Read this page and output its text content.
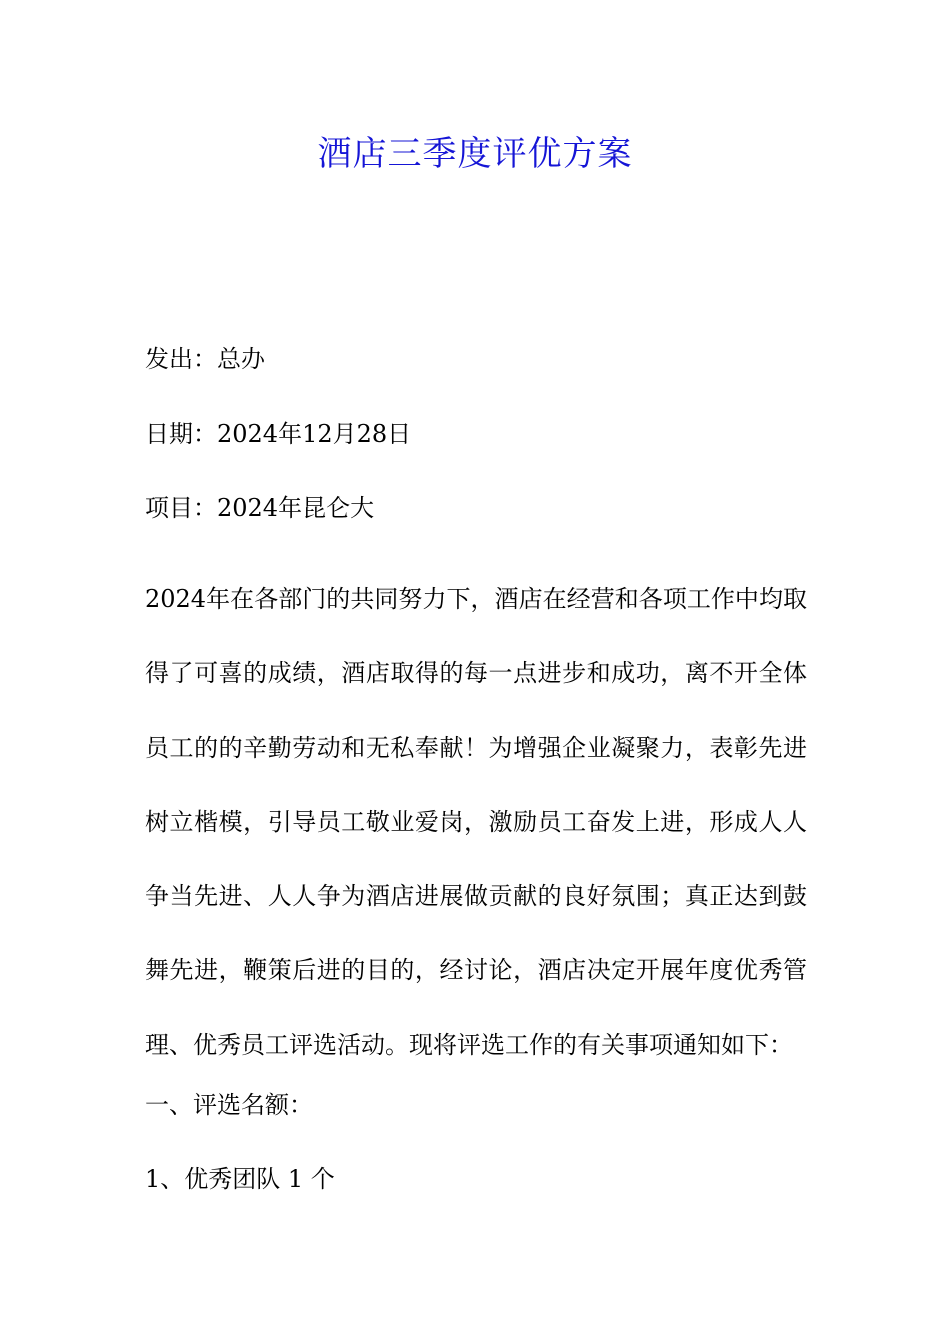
酒店三季度评优方案

发出：总办

日期：2024年12月28日

项目：2024年昆仑大

2024年在各部门的共同努力下，酒店在经营和各项工作中均取得了可喜的成绩，酒店取得的每一点进步和成功，离不开全体员工的的辛勤劳动和无私奉献！为增强企业凝聚力，表彰先进树立楷模，引导员工敬业爱岗，激励员工奋发上进，形成人人争当先进、人人争为酒店进展做贡献的良好氛围；真正达到鼓舞先进，鞭策后进的目的，经讨论，酒店决定开展年度优秀管理、优秀员工评选活动。现将评选工作的有关事项通知如下：

一、评选名额：

1、优秀团队 1 个
